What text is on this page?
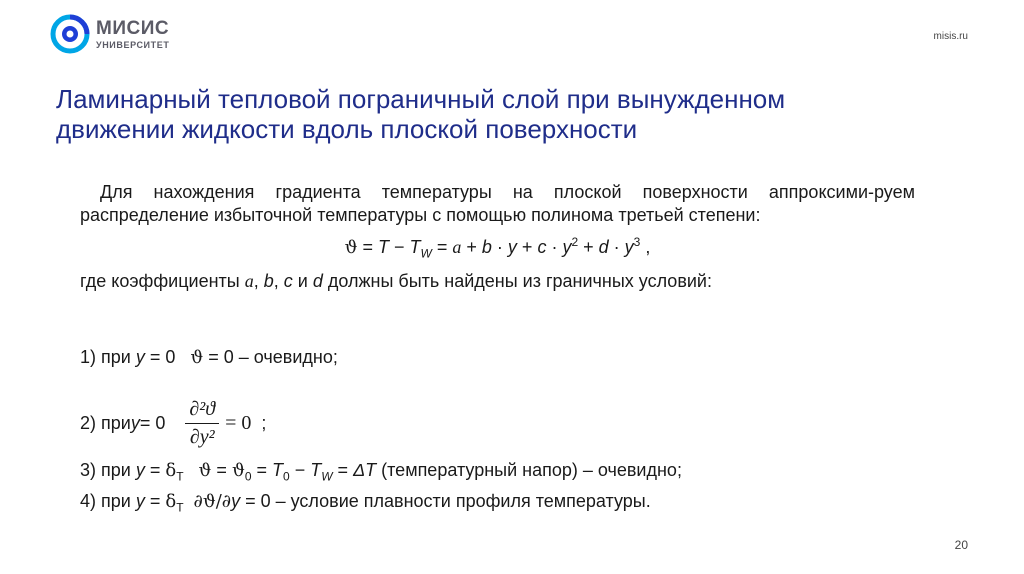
МИСИС
УНИВЕРСИТЕТ
misis.ru
Ламинарный тепловой пограничный слой при вынужденном
движении жидкости вдоль плоской поверхности

Для нахождения градиента температуры на плоской поверхности аппроксими-руем распределение избыточной температуры с помощью полинома третьей степени:

$ϑ = T - T_W = a + b \cdot y + c \cdot y^2 + d \cdot y^3$ ,

где коэффициенты a, b, c и d должны быть найдены из граничных условий:

1) при y = 0   ϑ = 0 – очевидно;
2) при $y = 0 \frac{\text{∂²ϑ}}{\text{∂y²}} = 0$ ;
3) при $y = \delta_T$ $ϑ = ϑ_0 = T_0 - T_W = \Delta T$ (температурный напор) – очевидно;
4) при $y = \delta_T$ ∂ϑ/∂y = 0 – условие плавности профиля температуры.
20
